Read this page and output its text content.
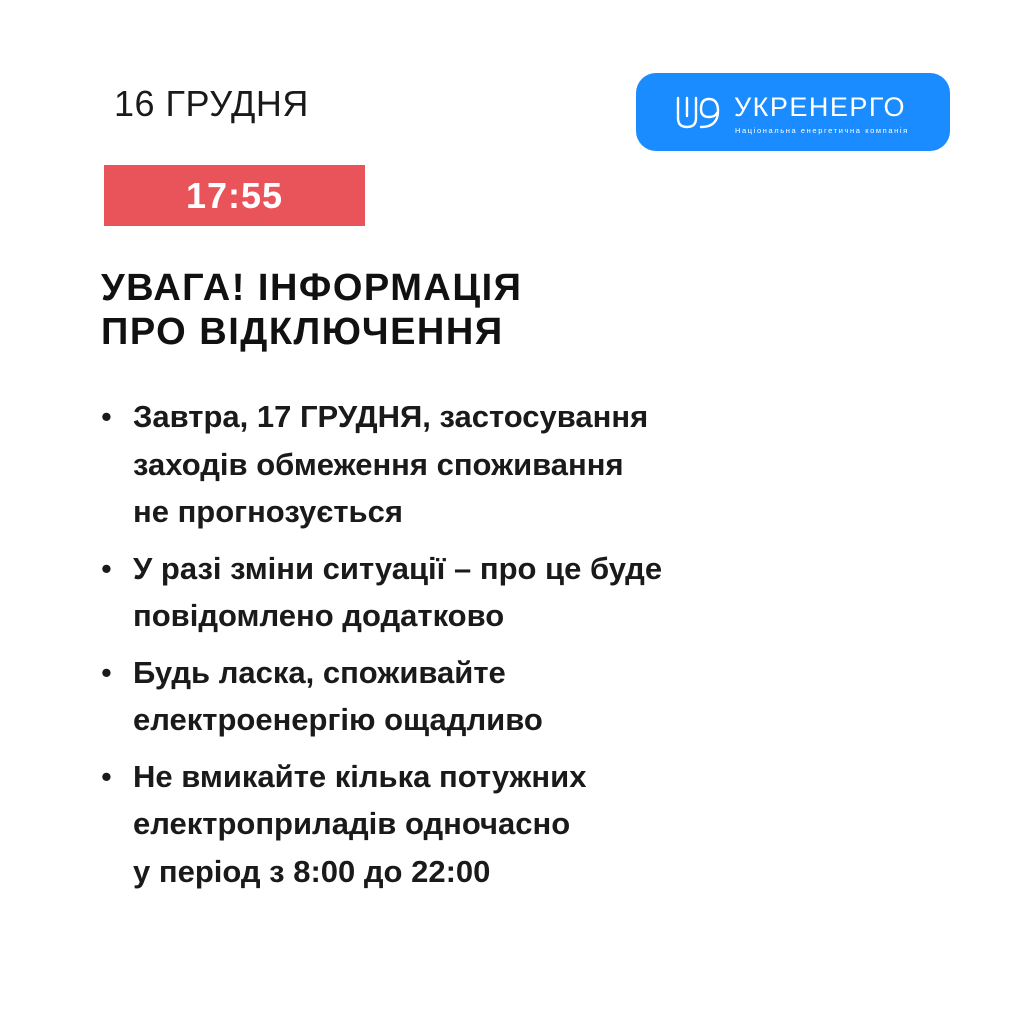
16 ГРУДНЯ
17:55
УКРЕНЕРГО
Національна енергетична компанія
УВАГА! ІНФОРМАЦІЯ
ПРО ВІДКЛЮЧЕННЯ
• Завтра, 17 ГРУДНЯ, застосування
заходів обмеження споживання
не прогнозується
• У разі зміни ситуації – про це буде
повідомлено додатково
• Будь ласка, споживайте
електроенергію ощадливо
• Не вмикайте кілька потужних
електроприладів одночасно
у період з 8:00 до 22:00
